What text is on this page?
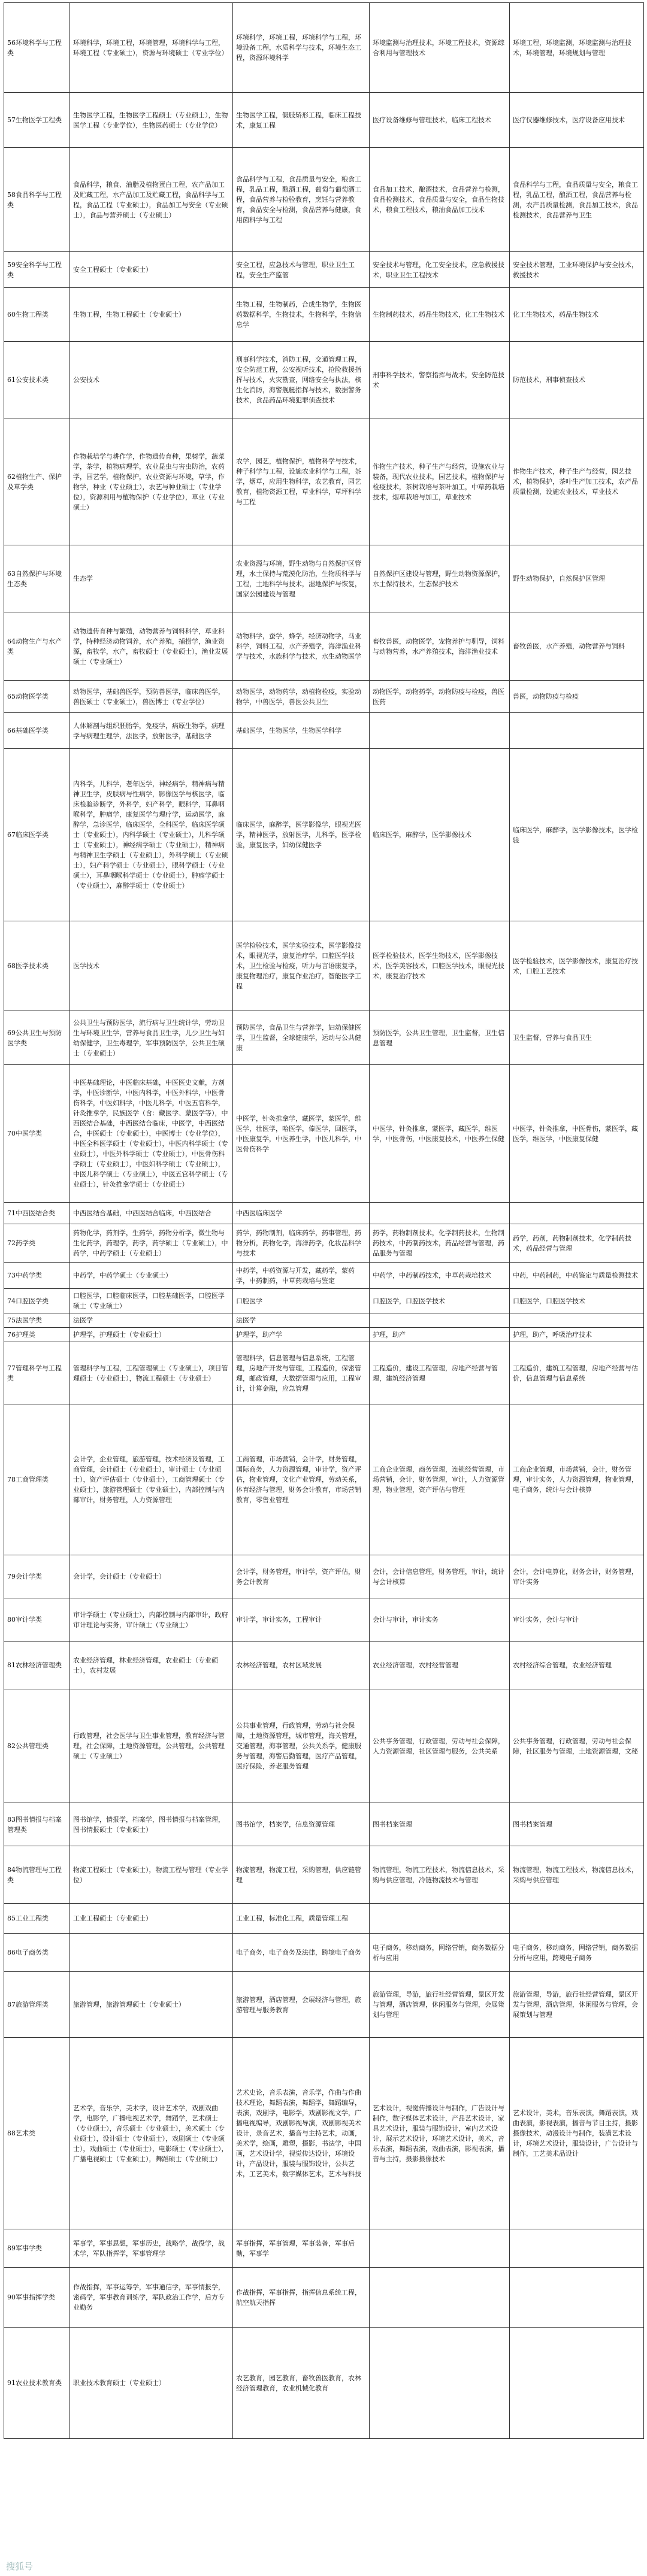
56环境科学与工程类	环境科学，环境工程，环境管理，环境科学与工程，环境工程（专业硕士），资源与环境硕士（专业学位）	环境科学，环境工程，环境科学与工程，环境设备工程，水质科学与技术，环境生态工程，资源环境科学	环境监测与治理技术，环境工程技术，资源综合利用与管理技术	环境工程，环境监测，环境监测与治理技术，环境管理，环境规划与管理
57生物医学工程类	生物医学工程，生物医学工程硕士（专业硕士），生物医学工程（专业学位），生物医药硕士（专业学位）	生物医学工程，假肢矫形工程，临床工程技术，康复工程	医疗设备维修与管理技术，临床工程技术	医疗仪器维修技术，医疗设备应用技术
58食品科学与工程类	食品科学，粮食、油脂及植物蛋白工程，农产品加工及贮藏工程，水产品加工及贮藏工程，食品科学与工程，食品工程（专业硕士），食品加工与安全（专业硕士），食品与营养硕士（专业硕士）	食品科学与工程，食品质量与安全，粮食工程，乳品工程，酿酒工程，葡萄与葡萄酒工程，食品营养与检验教育，烹饪与营养教育，食品安全与检测，食品营养与健康，食用菌科学与工程	食品加工技术，酿酒技术，食品营养与检测，食品检测技术，食品质量与安全，食品生物技术，粮食工程技术，粮油食品加工技术	食品科学与工程，食品质量与安全，粮食工程，乳品工程，酿酒工程，食品营养与检测，农产品质量检测，食品加工技术，食品检测技术，食品营养与卫生
59安全科学与工程类	安全工程硕士（专业硕士）	安全工程，应急技术与管理，职业卫生工程，安全生产监管	安全技术与管理，化工安全技术，应急救援技术，职业卫生工程技术	安全技术管理，工业环境保护与安全技术，救援技术
60生物工程类	生物工程，生物工程硕士（专业硕士）	生物工程，生物制药，合成生物学，生物医药数据科学，生物技术，生物科学，生物信息学	生物制药技术，药品生物技术，化工生物技术	化工生物技术，药品生物技术
61公安技术类	公安技术	刑事科学技术，消防工程，交通管理工程，安全防范工程，公安视听技术，抢险救援指挥与技术，火灾勘查，网络安全与执法，核生化消防，海警舰艇指挥与技术，数据警务技术，食品药品环境犯罪侦查技术	刑事科学技术，警察指挥与战术，安全防范技术	防范技术，刑事侦查技术
62植物生产、保护及草学类	作物栽培学与耕作学，作物遗传育种，果树学，蔬菜学，茶学，植物病理学，农业昆虫与害虫防治，农药学，园艺学，植物保护，农业资源与环境，草学，作物学，种业（专业硕士），农艺与种业硕士（专业学位），资源利用与植物保护（专业学位），草业（专业硕士）	农学，园艺，植物保护，植物科学与技术，种子科学与工程，设施农业科学与工程，茶学，烟草，应用生物科学，农艺教育，园艺教育，植物资源工程，草业科学，草坪科学与工程	作物生产技术，种子生产与经营，设施农业与装备，现代农业技术，园艺技术，植物保护与检疫技术，茶树栽培与茶叶加工，中草药栽培技术，烟草栽培与加工，草业技术	作物生产技术，种子生产与经营，园艺技术，植物保护，茶叶生产加工技术，农产品质量检测，设施农业技术，草业技术
63自然保护与环境生态类	生态学	农业资源与环境，野生动物与自然保护区管理，水土保持与荒漠化防治，生物质科学与工程，土地科学与技术，湿地保护与恢复，国家公园建设与管理	自然保护区建设与管理，野生动物资源保护，水土保持技术，生态保护技术	野生动物保护，自然保护区管理
64动物生产与水产类	动物遗传育种与繁殖，动物营养与饲料科学，草业科学，特种经济动物饲养，水产养殖，捕捞学，渔业资源，畜牧学，水产，畜牧硕士（专业硕士），渔业发展硕士（专业硕士）	动物科学，蚕学，蜂学，经济动物学，马业科学，饲料工程，水产养殖学，海洋渔业科学与技术，水族科学与技术，水生动物医学	畜牧兽医，动物医学，宠物养护与驯导，饲料与动物营养，水产养殖技术，海洋渔业技术	畜牧兽医，水产养殖，动物营养与饲料
65动物医学类	动物医学，基础兽医学，预防兽医学，临床兽医学，兽医硕士（专业硕士），兽医博士（专业学位）	动物医学，动物药学，动植物检疫，实验动物学，中兽医学，兽医公共卫生	动物医学，动物药学，动物防疫与检疫，兽医医药	兽医，动物防疫与检疫
66基础医学类	人体解剖与组织胚胎学，免疫学，病原生物学，病理学与病理生理学，法医学，放射医学，基础医学	基础医学，生物医学，生物医学科学		
67临床医学类	内科学，儿科学，老年医学，神经病学，精神病与精神卫生学，皮肤病与性病学，影像医学与核医学，临床检验诊断学，外科学，妇产科学，眼科学，耳鼻咽喉科学，肿瘤学，康复医学与理疗学，运动医学，麻醉学，急诊医学，临床医学，全科医学，临床医学硕士（专业硕士），内科学硕士（专业硕士），儿科学硕士（专业硕士），神经病学硕士（专业硕士），精神病与精神卫生学硕士（专业硕士），外科学硕士（专业硕士），妇产科学硕士（专业硕士），眼科学硕士（专业硕士），耳鼻咽喉科学硕士（专业硕士），肿瘤学硕士（专业硕士），麻醉学硕士（专业硕士）	临床医学，麻醉学，医学影像学，眼视光医学，精神医学，放射医学，儿科学，医学检验，康复医学，妇幼保健医学	临床医学，麻醉学，医学影像技术	临床医学，麻醉学，医学影像技术，医学检验
68医学技术类	医学技术	医学检验技术，医学实验技术，医学影像技术，眼视光学，康复治疗学，口腔医学技术，卫生检验与检疫，听力与言语康复学，康复物理治疗，康复作业治疗，智能医学工程	医学检验技术，医学生物技术，医学影像技术，医学美容技术，口腔医学技术，眼视光技术，康复治疗技术	医学检验技术，医学影像技术，康复治疗技术，口腔工艺技术
69公共卫生与预防医学类	公共卫生与预防医学，流行病与卫生统计学，劳动卫生与环境卫生学，营养与食品卫生学，儿少卫生与妇幼保健学，卫生毒理学，军事预防医学，公共卫生硕士（专业硕士）	预防医学，食品卫生与营养学，妇幼保健医学，卫生监督，全球健康学，运动与公共健康	预防医学，公共卫生管理，卫生监督，卫生信息管理	卫生监督，营养与食品卫生
70中医学类	中医基础理论，中医临床基础，中医医史文献，方剂学，中医诊断学，中医内科学，中医外科学，中医骨伤科学，中医妇科学，中医儿科学，中医五官科学，针灸推拿学，民族医学（含：藏医学、蒙医学等），中西医结合基础，中西医结合临床，中医学，中西医结合，中医硕士（专业硕士），中医博士（专业学位），中医全科医学硕士（专业硕士），中医内科学硕士（专业硕士），中医外科学硕士（专业硕士），中医骨伤科学硕士（专业硕士），中医妇科学硕士（专业硕士），中医儿科学硕士（专业硕士），中医五官科学硕士（专业硕士），针灸推拿学硕士（专业硕士）	中医学，针灸推拿学，藏医学，蒙医学，维医学，壮医学，哈医学，傣医学，回医学，中医康复学，中医养生学，中医儿科学，中医骨伤科学	中医学，针灸推拿，蒙医学，藏医学，维医学，中医骨伤，中医康复技术，中医养生保健	中医学，针灸推拿，中医骨伤，蒙医学，藏医学，维医学，中医康复保健
71中西医结合类	中西医结合基础，中西医结合临床，中西医结合	中西医临床医学		
72药学类	药物化学，药剂学，生药学，药物分析学，微生物与生化药学，药理学，药学，药学硕士（专业硕士），中药学，中药学硕士（专业硕士）	药学，药物制剂，临床药学，药事管理，药物分析，药物化学，海洋药学，化妆品科学与技术	药学，药物制剂技术，化学制药技术，生物制药技术，中药制药技术，药品经营与管理，药品服务与管理	药学，药剂，药物制剂技术，化学制药技术，药品经营与管理
73中药学类	中药学，中药学硕士（专业硕士）	中药学，中药资源与开发，藏药学，蒙药学，中药制药，中草药栽培与鉴定	中药学，中药制药技术，中草药栽培技术	中药，中药制药，中药鉴定与质量检测技术
74口腔医学类	口腔医学，口腔临床医学，口腔基础医学，口腔医学硕士（专业硕士）	口腔医学	口腔医学，口腔医学技术	口腔医学，口腔医学技术
75法医学类	法医学	法医学		
76护理类	护理学，护理硕士（专业硕士）	护理学，助产学	护理，助产	护理，助产，呼吸治疗技术
77管理科学与工程类	管理科学与工程，工程管理硕士（专业硕士），项目管理硕士（专业硕士），物流工程硕士（专业硕士）	管理科学，信息管理与信息系统，工程管理，房地产开发与管理，工程造价，保密管理，邮政管理，大数据管理与应用，工程审计，计算金融，应急管理	工程造价，建设工程管理，房地产经营与管理，建筑经济管理	工程造价，建筑工程管理，房地产经营与估价，信息管理与信息系统
78工商管理类	会计学，企业管理，旅游管理，技术经济及管理，工商管理，会计硕士（专业硕士），审计硕士（专业硕士），资产评估硕士（专业硕士），工商管理硕士（专业硕士），旅游管理硕士（专业硕士），内部控制与内部审计，财务管理，人力资源管理	工商管理，市场营销，会计学，财务管理，国际商务，人力资源管理，审计学，资产评估，物业管理，文化产业管理，劳动关系，体育经济与管理，财务会计教育，市场营销教育，零售业管理	工商企业管理，商务管理，连锁经营管理，市场营销，会计，财务管理，审计，人力资源管理，物业管理，资产评估与管理	工商企业管理，市场营销，会计，财务管理，审计实务，人力资源管理，物业管理，电子商务，统计与会计核算
79会计学类	会计学，会计硕士（专业硕士）	会计学，财务管理，审计学，资产评估，财务会计教育	会计，会计信息管理，财务管理，审计，统计与会计核算	会计，会计电算化，财务会计，财务管理，审计实务
80审计学类	审计学硕士（专业硕士），内部控制与内部审计，政府审计理论与实务，审计硕士（专业硕士）	审计学，审计实务，工程审计	会计与审计，审计实务	审计实务，会计与审计
81农林经济管理类	农业经济管理，林业经济管理，农业硕士（专业硕士），农村发展	农林经济管理，农村区域发展	农业经济管理，农村经营管理	农村经济综合管理，农业经济管理
82公共管理类	行政管理，社会医学与卫生事业管理，教育经济与管理，社会保障，土地资源管理，公共管理，公共管理硕士（专业硕士）	公共事业管理，行政管理，劳动与社会保障，土地资源管理，城市管理，海关管理，交通管理，海事管理，公共关系学，健康服务与管理，海警后勤管理，医疗产品管理，医疗保险，养老服务管理	公共事务管理，行政管理，劳动与社会保障，人力资源管理，社区管理与服务，公共关系	公共事务管理，行政管理，劳动与社会保障，社区服务与管理，土地资源管理，文秘
83图书情报与档案管理类	图书馆学，情报学，档案学，图书情报与档案管理，图书情报硕士（专业硕士）	图书馆学，档案学，信息资源管理	图书档案管理	图书档案管理
84物流管理与工程类	物流工程硕士（专业硕士），物流工程与管理（专业学位）	物流管理，物流工程，采购管理，供应链管理	物流管理，物流工程技术，物流信息技术，采购与供应管理，冷链物流技术与管理	物流管理，物流工程技术，物流信息技术，采购与供应管理
85工业工程类	工业工程硕士（专业硕士）	工业工程，标准化工程，质量管理工程		
86电子商务类		电子商务，电子商务及法律，跨境电子商务	电子商务，移动商务，网络营销，商务数据分析与应用	电子商务，移动商务，网络营销，商务数据分析与应用，跨境电子商务
87旅游管理类	旅游管理，旅游管理硕士（专业硕士）	旅游管理，酒店管理，会展经济与管理，旅游管理与服务教育	旅游管理，导游，旅行社经营管理，景区开发与管理，酒店管理，休闲服务与管理，会展策划与管理	旅游管理，导游，旅行社经营管理，景区开发与管理，酒店管理，休闲服务与管理，会展策划与管理
88艺术类	艺术学，音乐学，美术学，设计艺术学，戏剧戏曲学，电影学，广播电视艺术学，舞蹈学，艺术硕士（专业硕士），音乐硕士（专业硕士），美术硕士（专业硕士），设计硕士（专业硕士），戏剧硕士（专业硕士），戏曲硕士（专业硕士），电影硕士（专业硕士），广播电视硕士（专业硕士），舞蹈硕士（专业硕士）	艺术史论，音乐表演，音乐学，作曲与作曲技术理论，舞蹈表演，舞蹈学，舞蹈编导，表演，戏剧学，电影学，戏剧影视文学，广播电视编导，戏剧影视导演，戏剧影视美术设计，录音艺术，播音与主持艺术，动画，美术学，绘画，雕塑，摄影，书法学，中国画，艺术设计学，视觉传达设计，环境设计，产品设计，服装与服饰设计，公共艺术，工艺美术，数字媒体艺术，艺术与科技	艺术设计，视觉传播设计与制作，广告设计与制作，数字媒体艺术设计，产品艺术设计，家具艺术设计，服装与服饰设计，室内艺术设计，展示艺术设计，环境艺术设计，美术，音乐表演，舞蹈表演，戏曲表演，影视表演，播音与主持，摄影摄像技术	艺术设计，美术，音乐表演，舞蹈表演，戏曲表演，影视表演，播音与节目主持，摄影摄像技术，动漫设计与制作，装潢艺术设计，环境艺术设计，服装设计，广告设计与制作，工艺美术品设计
89军事学类	军事学，军事思想，军事历史，战略学，战役学，战术学，军队指挥学，军事管理学	军事指挥，军事管理，军事装备，军事后勤，军事学		
90军事指挥学类	作战指挥，军事运筹学，军事通信学，军事情报学，密码学，军事教育训练学，军队政治工作学，后方专业勤务	作战指挥，军事指挥，指挥信息系统工程，航空航天指挥		
91农业技术教育类	职业技术教育硕士（专业硕士）	农艺教育，园艺教育，畜牧兽医教育，农林经济管理教育，农业机械化教育		
搜狐号
